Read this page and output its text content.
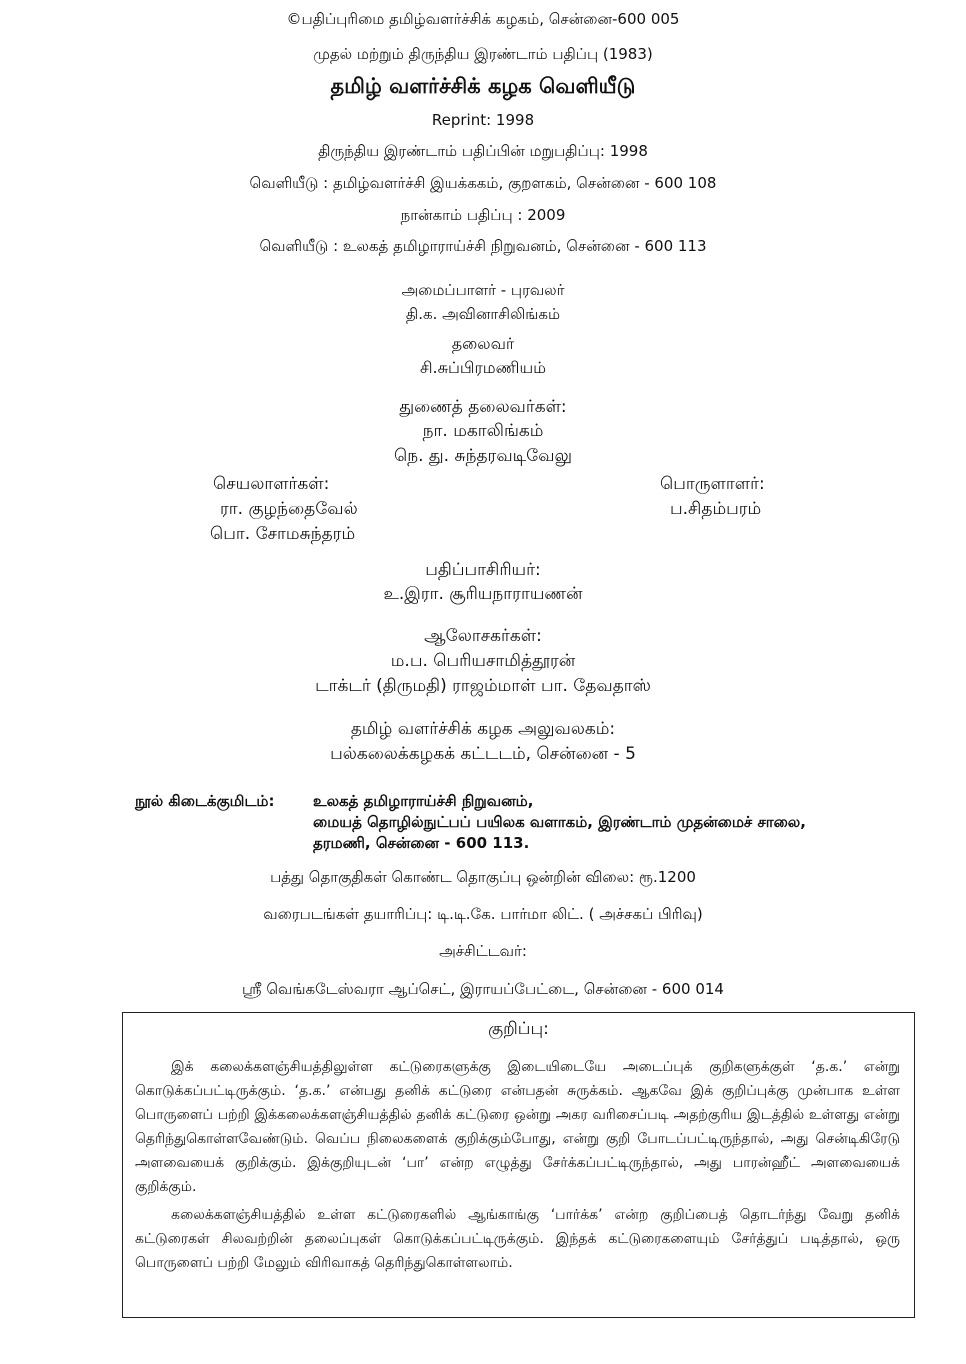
©பதிப்புரிமை தமிழ்வளர்ச்சிக் கழகம், சென்னை-600 005
முதல் மற்றும் திருந்திய இரண்டாம் பதிப்பு (1983)
தமிழ் வளர்ச்சிக் கழக வெளியீடு
Reprint: 1998
திருந்திய இரண்டாம் பதிப்பின் மறுபதிப்பு: 1998
வெளியீடு : தமிழ்வளர்ச்சி இயக்ககம், குறளகம், சென்னை - 600 108
நான்காம் பதிப்பு : 2009
வெளியீடு : உலகத் தமிழாராய்ச்சி நிறுவனம், சென்னை - 600 113
அமைப்பாளர் - புரவலர்
தி.க. அவினாசிலிங்கம்
தலைவர்
சி.சுப்பிரமணியம்
துணைத் தலைவர்கள்:
நா. மகாலிங்கம்
நெ. து. சுந்தரவடிவேலு
செயலாளர்கள்:
ரா. குழந்தைவேல்
பொ. சோமசுந்தரம்
பொருளாளர்:
ப.சிதம்பரம்
பதிப்பாசிரியர்:
உ.இரா. சூரியநாராயணன்
ஆலோசகர்கள்:
ம.ப. பெரியசாமித்தூரன்
டாக்டர் (திருமதி) ராஜம்மாள் பா. தேவதாஸ்
தமிழ் வளர்ச்சிக் கழக அலுவலகம்:
பல்கலைக்கழகக் கட்டடம், சென்னை - 5
நூல் கிடைக்குமிடம்:	உலகத் தமிழாராய்ச்சி நிறுவனம்,
மையத் தொழில்நுட்பப் பயிலக வளாகம், இரண்டாம் முதன்மைச் சாலை,
தரமணி, சென்னை - 600 113.
பத்து தொகுதிகள் கொண்ட தொகுப்பு ஒன்றின் விலை: ரூ.1200
வரைபடங்கள் தயாரிப்பு: டி.டி.கே. பார்மா லிட். ( அச்சகப் பிரிவு)
அச்சிட்டவர்:
ஸ்ரீ வெங்கடேஸ்வரா ஆப்செட், இராயப்பேட்டை, சென்னை - 600 014
குறிப்பு:
இக் கலைக்களஞ்சியத்திலுள்ள கட்டுரைகளுக்கு இடையிடையே அடைப்புக் குறிகளுக்குள் ‘த.க.’ என்று கொடுக்கப்பட்டிருக்கும். ‘த.க.’ என்பது தனிக் கட்டுரை என்பதன் சுருக்கம். ஆகவே இக் குறிப்புக்கு முன்பாக உள்ள பொருளைப் பற்றி இக்கலைக்களஞ்சியத்தில் தனிக் கட்டுரை ஒன்று அகர வரிசைப்படி அதற்குரிய இடத்தில் உள்ளது என்று தெரிந்துகொள்ளவேண்டும். வெப்ப நிலைகளைக் குறிக்கும்போது, என்று குறி போடப்பட்டிருந்தால், அது சென்டிகிரேடு அளவையைக் குறிக்கும். இக்குறியுடன் ‘பா’ என்ற எழுத்து சேர்க்கப்பட்டிருந்தால், அது பாரன்ஹீட் அளவையைக் குறிக்கும்.
கலைக்களஞ்சியத்தில் உள்ள கட்டுரைகளில் ஆங்காங்கு ‘பார்க்க’ என்ற குறிப்பைத் தொடர்ந்து வேறு தனிக் கட்டுரைகள் சிலவற்றின் தலைப்புகள் கொடுக்கப்பட்டிருக்கும். இந்தக் கட்டுரைகளையும் சேர்த்துப் படித்தால், ஒரு பொருளைப் பற்றி மேலும் விரிவாகத் தெரிந்துகொள்ளலாம்.
